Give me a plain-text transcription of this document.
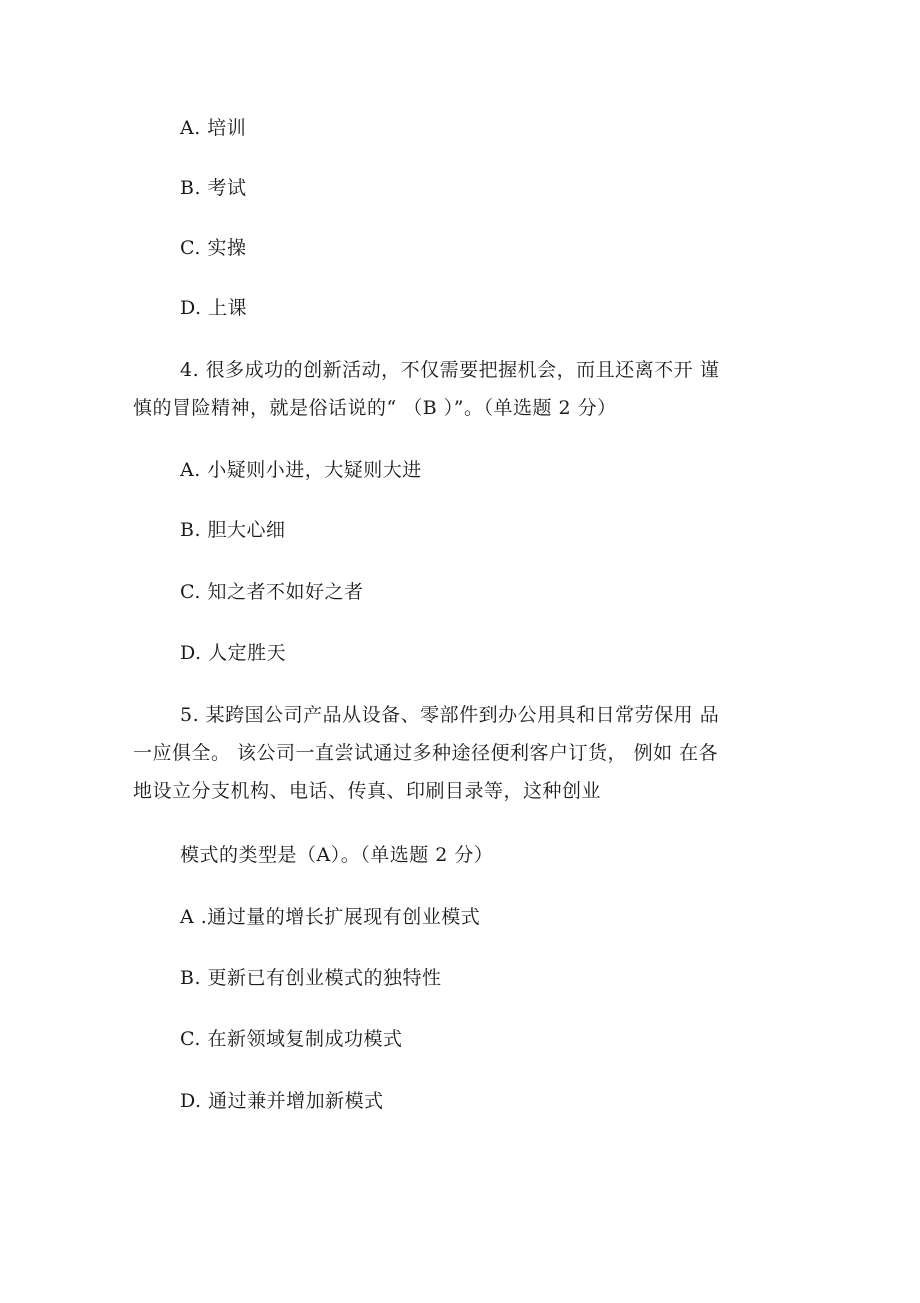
A. 培训
B. 考试
C. 实操
D. 上课
4. 很多成功的创新活动，不仅需要把握机会，而且还离不开 谨
慎的冒险精神，就是俗话说的“ （B ）”。（单选题 2 分）
A. 小疑则小进，大疑则大进
B. 胆大心细
C. 知之者不如好之者
D. 人定胜天
5. 某跨国公司产品从设备、零部件到办公用具和日常劳保用 品
一应俱全。 该公司一直尝试通过多种途径便利客户订货， 例如 在各
地设立分支机构、电话、传真、印刷目录等，这种创业
模式的类型是（A）。（单选题 2 分）
A .通过量的增长扩展现有创业模式
B. 更新已有创业模式的独特性
C. 在新领域复制成功模式
D. 通过兼并增加新模式
